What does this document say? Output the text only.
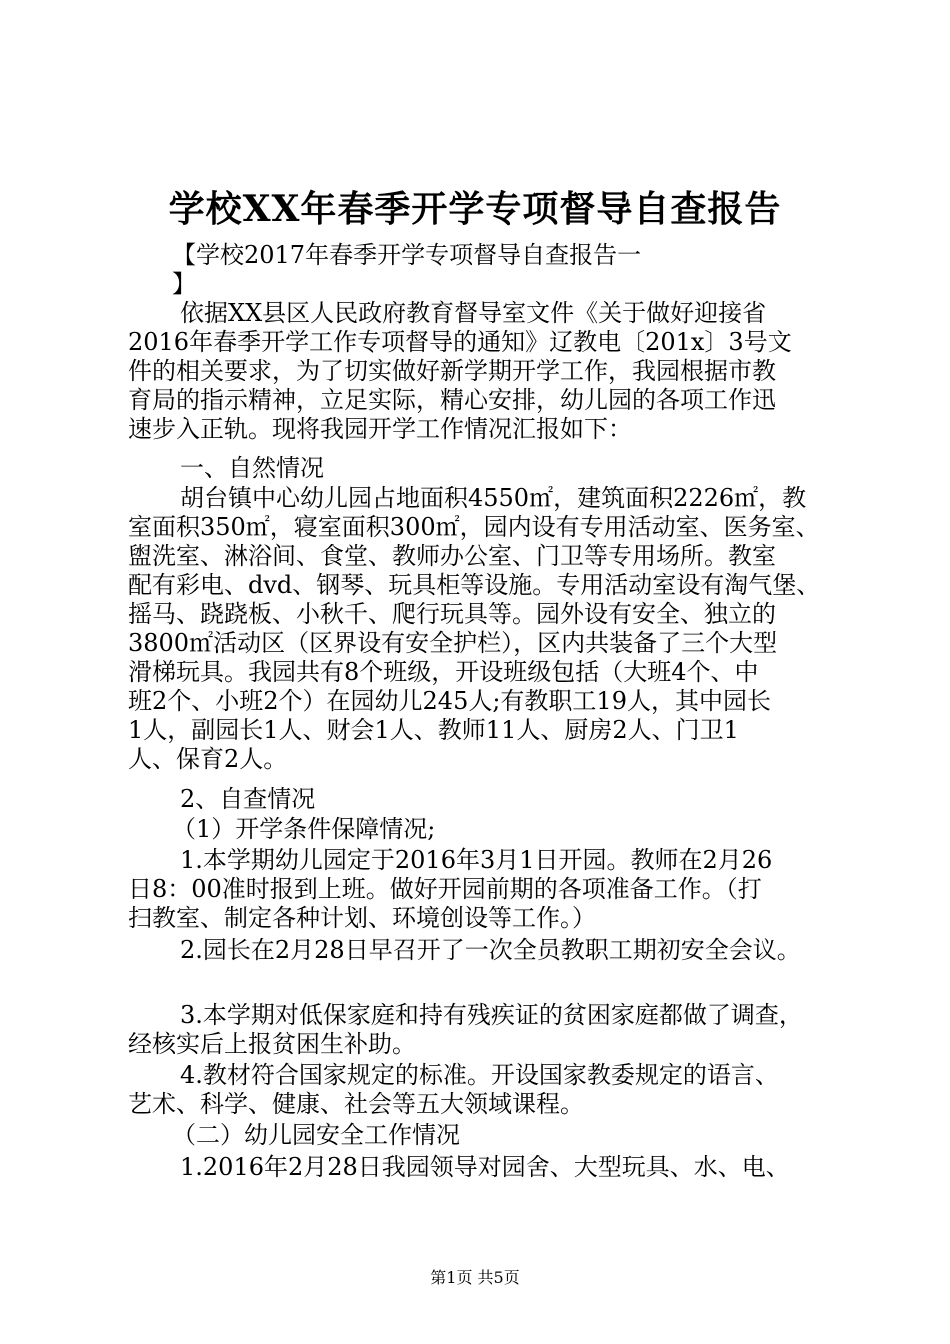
学校XX年春季开学专项督导自查报告
【学校2017年春季开学专项督导自查报告一
】
依据XX县区人民政府教育督导室文件《关于做好迎接省
2016年春季开学工作专项督导的通知》辽教电〔201x〕3号文
件的相关要求，为了切实做好新学期开学工作，我园根据市教
育局的指示精神，立足实际，精心安排，幼儿园的各项工作迅
速步入正轨。现将我园开学工作情况汇报如下：
一、自然情况
胡台镇中心幼儿园占地面积4550㎡，建筑面积2226㎡，教
室面积350㎡，寝室面积300㎡，园内设有专用活动室、医务室、
盥洗室、淋浴间、食堂、教师办公室、门卫等专用场所。教室
配有彩电、dvd、钢琴、玩具柜等设施。专用活动室设有淘气堡、
摇马、跷跷板、小秋千、爬行玩具等。园外设有安全、独立的
3800㎡活动区（区界设有安全护栏），区内共装备了三个大型
滑梯玩具。我园共有8个班级，开设班级包括（大班4个、中
班2个、小班2个）在园幼儿245人;有教职工19人，其中园长
1人，副园长1人、财会1人、教师11人、厨房2人、门卫1
人、保育2人。
2、自查情况
（1）开学条件保障情况;
1.本学期幼儿园定于2016年3月1日开园。教师在2月26
日8：00准时报到上班。做好开园前期的各项准备工作。（打
扫教室、制定各种计划、环境创设等工作。）
2.园长在2月28日早召开了一次全员教职工期初安全会议。
3.本学期对低保家庭和持有残疾证的贫困家庭都做了调查，
经核实后上报贫困生补助。
4.教材符合国家规定的标准。开设国家教委规定的语言、
艺术、科学、健康、社会等五大领域课程。
（二）幼儿园安全工作情况
1.2016年2月28日我园领导对园舍、大型玩具、水、电、
第1页 共5页
